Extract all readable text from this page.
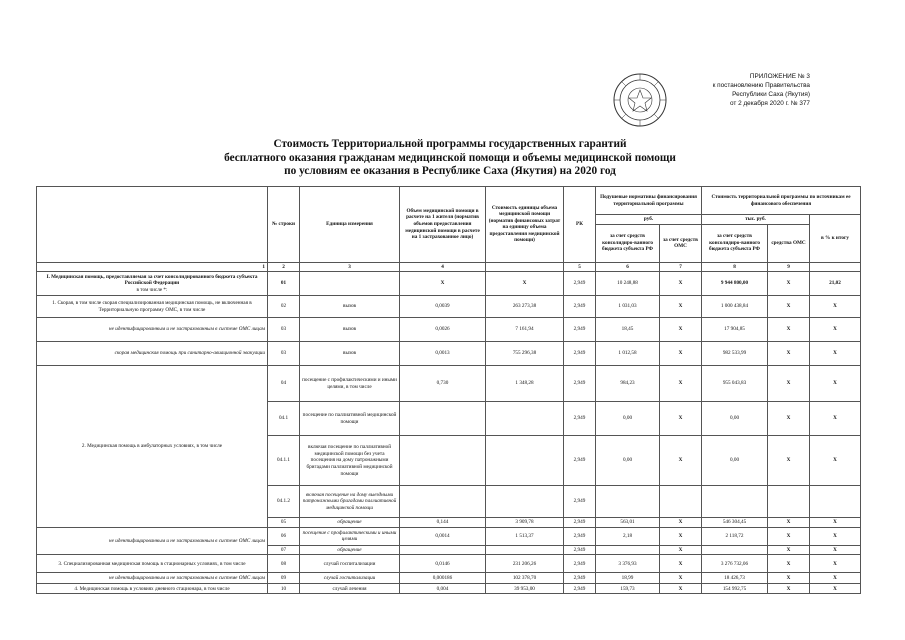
ПРИЛОЖЕНИЕ № 3
к постановлению Правительства
Республики Саха (Якутия)
от 2 декабря 2020 г. № 377
Стоимость Территориальной программы государственных гарантий
бесплатного оказания гражданам медицинской помощи и объемы медицинской помощи
по условиям ее оказания в Республике Саха (Якутия) на 2020 год
	№ строки	Единица измерения	Объем медицинской помощи в расчете на 1 жителя (норматив объемов предоставления медицинской помощи в расчете на 1 застрахованное лицо)	Стоимость единицы объема медицинской помощи (норматив финансовых затрат на единицу объема предоставления медицинской помощи)	РК	Подушевые нормативы финансирования территориальной программы		Стоимость территориальной программы по источникам ее финансового обеспечения		
						руб.		тыс. руб.		в % к итогу
						за счет средств консолидиро-ванного бюджета субъекта РФ	за счет средств ОМС	за счет средств консолидиро-ванного бюджета субъекта РФ	средства ОМС	
1	2	3	4		5	6	7	8	9	
I. Медицинская помощь, предоставляемая за счет консолидированного бюджета субъекта Российской Федерации
в том числе *:	01		X	X	2,949	10 248,88	X	9 944 800,00	X	21,02
1. Скорая, в том числе скорая специализированная медицинская помощь, не включенная в Территориальную программу ОМС, в том числе	02	вызов	0,0039	263 273,38	2,949	1 031,03	X	1 000 438,84	X	X
не идентифицированным и не застрахованным в системе ОМС лицам	03	вызов	0,0026	7 161,94	2,949	18,45	X	17 904,85	X	X
скорая медицинская помощь при санитарно-авиационной эвакуации	03	вызов	0,0013	755 296,38	2,949	1 012,58	X	982 533,99	X	X
2. Медицинская помощь в амбулаторных условиях, в том числе	04	посещение с профилактическими и иными целями, в том числе	0,730	1 348,28	2,949	984,23	X	955 043,83	X	X
	04.1	посещение по паллиативной медицинской помощи			2,949	0,00	X	0,00	X	X
	04.1.1	включая посещение по паллиативной медицинской помощи без учета посещения на дому патронажными бригадами паллиативной медицинской помощи			2,949	0,00	X	0,00	X	X
	04.1.2	включая посещение на дому выездными патронажными бригадами паллиативной медицинской помощи			2,949					
	05	обращение	0,144	3 909,78	2,949	563,01	X	546 304,45	X	X
не идентифицированным и не застрахованным в системе ОМС лицам	06	посещение с профилактическими и иными целями	0,0014	1 513,37	2,949	2,18	X	2 118,72	X	X
	07	обращение			2,949		X		X	X
3. Специализированная медицинская помощь в стационарных условиях, в том числе	08	случай госпитализации	0,0146	231 206,26	2,949	3 376,93	X	3 276 732,06	X	X
не идентифицированным и не застрахованным в системе ОМС лицам	09	случай госпитализации	0,000186	102 378,70	2,949	18,99	X	18 426,73	X	X
4. Медицинская помощь в условиях дневного стационара, в том числе	10	случай лечения	0,004	39 953,00	2,949	159,73	X	154 992,75	X	X
